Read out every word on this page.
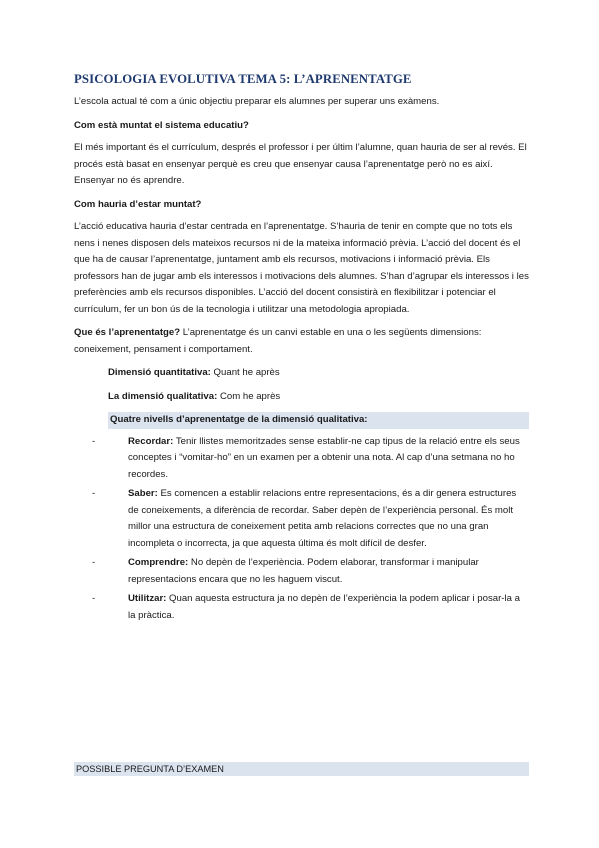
PSICOLOGIA EVOLUTIVA TEMA 5: L’APRENENTATGE

L’escola actual té com a únic objectiu preparar els alumnes per superar uns exàmens.

Com està muntat el sistema educatiu?

El més important és el currículum, després el professor i per últim l’alumne, quan hauria de ser al revés. El procés està basat en ensenyar perquè es creu que ensenyar causa l’aprenentatge però no es així. Ensenyar no és aprendre.

Com hauria d’estar muntat?

L’acció educativa hauria d’estar centrada en l’aprenentatge. S’hauria de tenir en compte que no tots els nens i nenes disposen dels mateixos recursos ni de la mateixa informació prèvia. L’acció del docent és el que ha de causar l’aprenentatge, juntament amb els recursos, motivacions i informació prèvia. Els professors han de jugar amb els interessos i motivacions dels alumnes. S’han d’agrupar els interessos i les preferències amb els recursos disponibles. L’acció del docent consistirà en flexibilitzar i potenciar el currículum, fer un bon ús de la tecnologia i utilitzar una metodologia apropiada.

Que és l’aprenentatge? L’aprenentatge és un canvi estable en una o les següents dimensions: coneixement, pensament i comportament.

Dimensió quantitativa: Quant he après

La dimensió qualitativa: Com he après

Quatre nivells d’aprenentatge de la dimensió qualitativa:
-	Recordar: Tenir llistes memoritzades sense establir-ne cap tipus de la relació entre els seus conceptes i “vomitar-ho” en un examen per a obtenir una nota. Al cap d’una setmana no ho recordes.
-	Saber: Es comencen a establir relacions entre representacions, és a dir genera estructures de coneixements, a diferència de recordar. Saber depèn de l’experiència personal. És molt millor una estructura de coneixement petita amb relacions correctes que no una gran incompleta o incorrecta, ja que aquesta última és molt difícil de desfer.
-	Comprendre: No depèn de l’experiència. Podem elaborar, transformar i manipular representacions encara que no les haguem viscut.
-	Utilitzar: Quan aquesta estructura ja no depèn de l’experiència la podem aplicar i posar-la a la pràctica.
POSSIBLE PREGUNTA D’EXAMEN
